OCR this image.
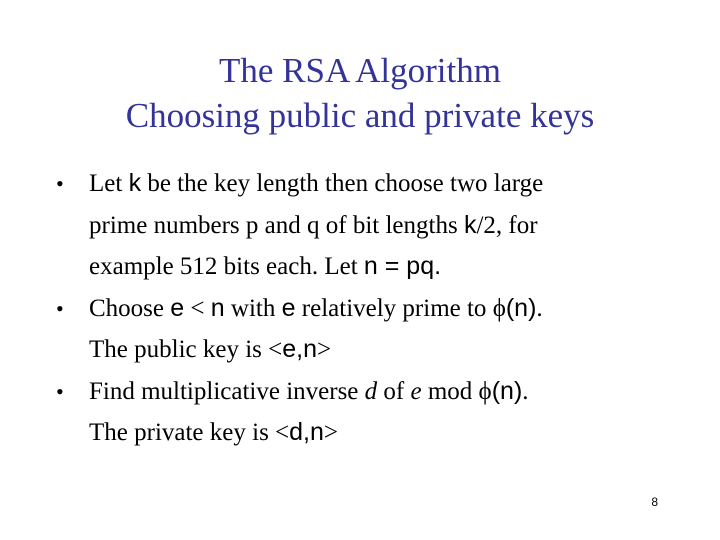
The RSA Algorithm
Choosing public and private keys
• Let k be the key length then choose two large
prime numbers p and q of bit lengths k/2, for
example 512 bits each. Let n = pq.
• Choose e < n with e relatively prime to ϕ(n).
The public key is <e,n>
• Find multiplicative inverse d of e mod ϕ(n).
The private key is <d,n>
8
